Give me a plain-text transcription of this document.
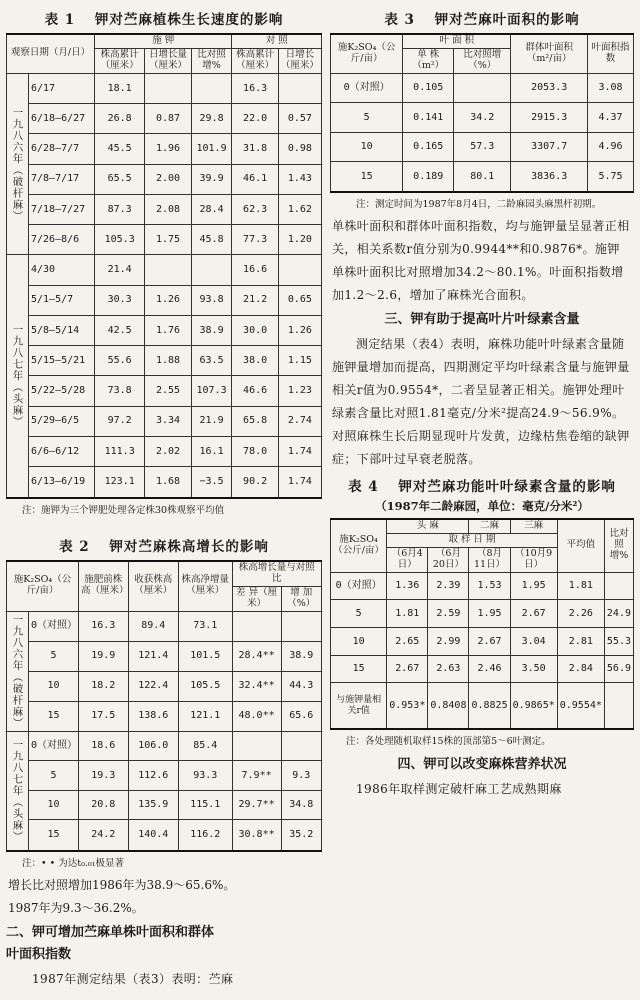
表 1 钾对苎麻植株生长速度的影响
观察日期（月/日）		施 钾			对 照	
		株高累计（厘米）	日增长量（厘米）	比对照增%	株高累计（厘米）	日增长（厘米）
一九八六年（破杆麻）	6/17	18.1			16.3	
	6/18—6/27	26.8	0.87	29.8	22.0	0.57
	6/28—7/7	45.5	1.96	101.9	31.8	0.98
	7/8—7/17	65.5	2.00	39.9	46.1	1.43
	7/18—7/27	87.3	2.08	28.4	62.3	1.62
	7/26—8/6	105.3	1.75	45.8	77.3	1.20
一九八七年（头麻）	4/30	21.4			16.6	
	5/1—5/7	30.3	1.26	93.8	21.2	0.65
	5/8—5/14	42.5	1.76	38.9	30.0	1.26
	5/15—5/21	55.6	1.88	63.5	38.0	1.15
	5/22—5/28	73.8	2.55	107.3	46.6	1.23
	5/29—6/5	97.2	3.34	21.9	65.8	2.74
	6/6—6/12	111.3	2.02	16.1	78.0	1.74
	6/13—6/19	123.1	1.68	−3.5	90.2	1.74
注：施钾为三个钾肥处理各定株30株观察平均值
表 2 钾对苎麻株高增长的影响
施K₂SO₄（公斤/亩）		施肥前株高（厘米）	收获株高（厘米）	株高净增量（厘米）	株高增长量与对照比	
					差 异（厘米）	增 加（%）
一九八六年（破杆麻）	0（对照）	16.3	89.4	73.1		
	5	19.9	121.4	101.5	28.4**	38.9
	10	18.2	122.4	105.5	32.4**	44.3
	15	17.5	138.6	121.1	48.0**	65.6
一九八七年（头麻）	0（对照）	18.6	106.0	85.4		
	5	19.3	112.6	93.3	7.9**	9.3
	10	20.8	135.9	115.1	29.7**	34.8
	15	24.2	140.4	116.2	30.8**	35.2
注：• • 为达t₀.₀₁极显著

增长比对照增加1986年为38.9～65.6%。

1987年为9.3～36.2%。

二、钾可增加苎麻单株叶面积和群体
叶面积指数

1987年测定结果（表3）表明：苎麻

表 3 钾对苎麻叶面积的影响
施K₂SO₄（公斤/亩）	叶 面 积		群体叶面积（m²/亩）	叶面积指 数
	单 株（m²）	比对照增（%）		
0（对照）	0.105		2053.3	3.08
5	0.141	34.2	2915.3	4.37
10	0.165	57.3	3307.7	4.96
15	0.189	80.1	3836.3	5.75
注：测定时间为1987年8月4日，二龄麻园头麻黑杆初期。

单株叶面积和群体叶面积指数，均与施钾量呈显著正相关，相关系数r值分别为0.9944**和0.9876*。施钾单株叶面积比对照增加34.2～80.1%。叶面积指数增加1.2～2.6，增加了麻株光合面积。

三、钾有助于提高叶片叶绿素含量

测定结果（表4）表明，麻株功能叶叶绿素含量随施钾量增加而提高，四期测定平均叶绿素含量与施钾量相关r值为0.9554*，二者呈显著正相关。施钾处理叶绿素含量比对照1.81毫克/分米²提高24.9～56.9%。对照麻株生长后期显现叶片发黄，边缘枯焦卷缩的缺钾症；下部叶过早衰老脱落。

表 4 钾对苎麻功能叶叶绿素含量的影响
（1987年二龄麻园，单位：毫克/分米²）
施K₂SO₄（公斤/亩）	头 麻		二麻	三麻	平均值	比对照增%
	取 样 日 期					
	（6月4日）	（6月20日）	（8月11日）	（10月9日）		
0（对照）	1.36	2.39	1.53	1.95	1.81	
5	1.81	2.59	1.95	2.67	2.26	24.9
10	2.65	2.99	2.67	3.04	2.81	55.3
15	2.67	2.63	2.46	3.50	2.84	56.9
与施钾量相关r值	0.953*	0.8408	0.8825	0.9865*	0.9554*	
注：各处理随机取样15株的顶部第5～6叶测定。
四、钾可以改变麻株营养状况

1986年取样测定破杆麻工艺成熟期麻
